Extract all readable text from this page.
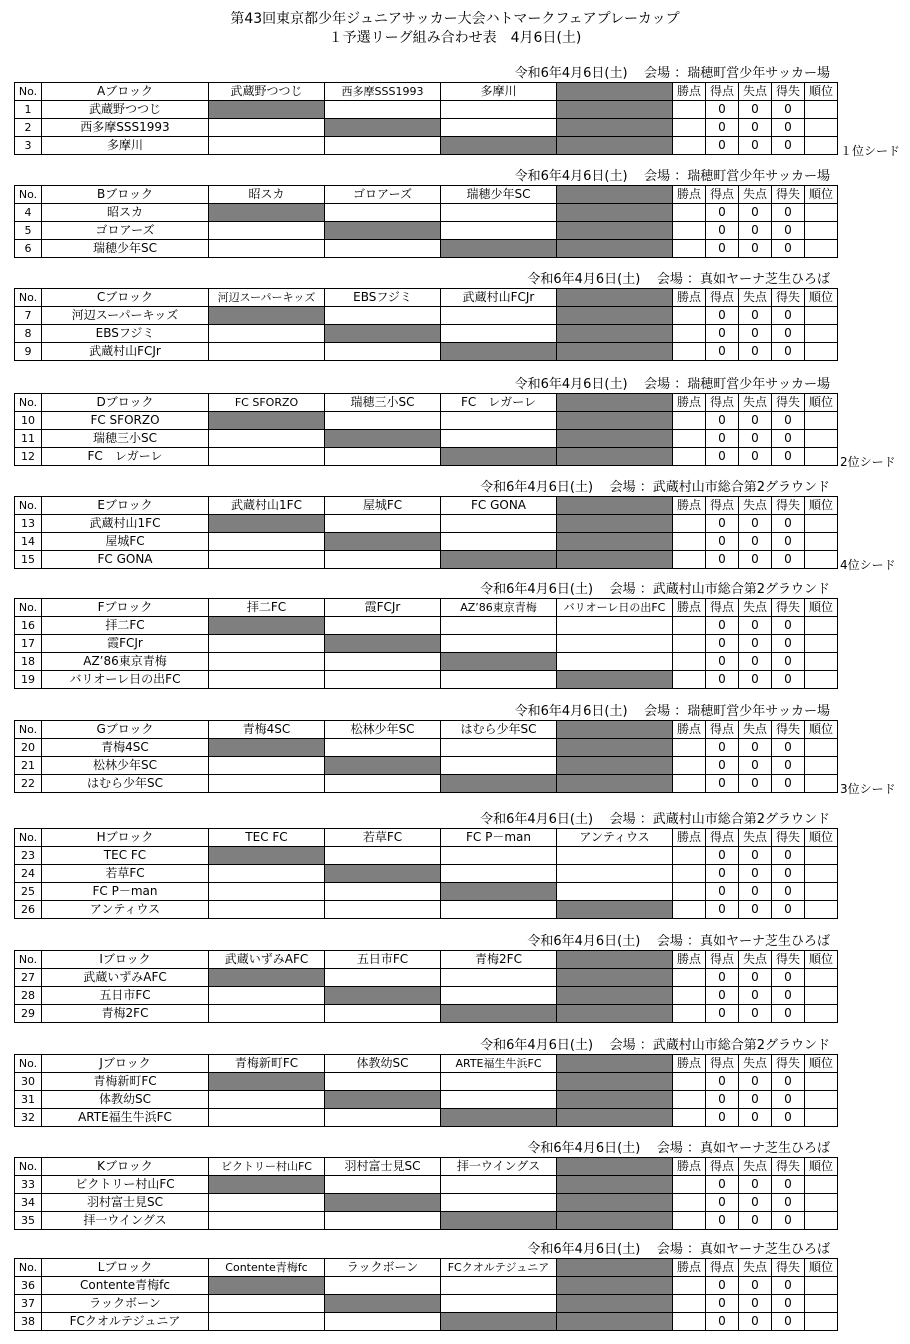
第43回東京都少年ジュニアサッカー大会ハトマークフェアプレーカップ
１予選リーグ組み合わせ表　4月6日(土)
令和6年4月6日(土) 会場 ：瑞穂町営少年サッカー場
No.	Aブロック	武蔵野つつじ	西多摩SSS1993	多摩川		勝点	得点	失点	得失	順位
1	武蔵野つつじ						0	0	0	
2	西多摩SSS1993						0	0	0	
3	多摩川						0	0	0		１位シード
令和6年4月6日(土) 会場 ：瑞穂町営少年サッカー場
No.	Bブロック	昭スカ	ゴロアーズ	瑞穂少年SC		勝点	得点	失点	得失	順位
4	昭スカ						0	0	0	
5	ゴロアーズ						0	0	0	
6	瑞穂少年SC						0	0	0	
令和6年4月6日(土) 会場 ：真如ヤーナ芝生ひろば
No.	Cブロック	河辺スーパーキッズ	EBSフジミ	武蔵村山FCJr		勝点	得点	失点	得失	順位
7	河辺スーパーキッズ						0	0	0	
8	EBSフジミ						0	0	0	
9	武蔵村山FCJr						0	0	0	
令和6年4月6日(土) 会場 ：瑞穂町営少年サッカー場
No.	Dブロック	FC SFORZO	瑞穂三小SC	FC　レガーレ		勝点	得点	失点	得失	順位
10	FC SFORZO						0	0	0	
11	瑞穂三小SC						0	0	0	
12	FC　レガーレ						0	0	0		2位シード
令和6年4月6日(土) 会場 ：武蔵村山市総合第2グラウンド
No.	Eブロック	武蔵村山1FC	屋城FC	FC GONA		勝点	得点	失点	得失	順位
13	武蔵村山1FC						0	0	0	
14	屋城FC						0	0	0	
15	FC GONA						0	0	0		4位シード
令和6年4月6日(土) 会場 ：武蔵村山市総合第2グラウンド
No.	Fブロック	拝二FC	霞FCJr	AZ’86東京青梅	バリオーレ日の出FC	勝点	得点	失点	得失	順位
16	拝二FC						0	0	0	
17	霞FCJr						0	0	0	
18	AZ’86東京青梅						0	0	0	
19	バリオーレ日の出FC						0	0	0	
令和6年4月6日(土) 会場 ：瑞穂町営少年サッカー場
No.	Gブロック	青梅4SC	松林少年SC	はむら少年SC		勝点	得点	失点	得失	順位
20	青梅4SC						0	0	0	
21	松林少年SC						0	0	0	
22	はむら少年SC						0	0	0		3位シード
令和6年4月6日(土) 会場 ：武蔵村山市総合第2グラウンド
No.	Hブロック	TEC FC	若草FC	FC P－man	アンティウス	勝点	得点	失点	得失	順位
23	TEC FC						0	0	0	
24	若草FC						0	0	0	
25	FC P－man						0	0	0	
26	アンティウス						0	0	0	
令和6年4月6日(土) 会場 ：真如ヤーナ芝生ひろば
No.	Iブロック	武蔵いずみAFC	五日市FC	青梅2FC		勝点	得点	失点	得失	順位
27	武蔵いずみAFC						0	0	0	
28	五日市FC						0	0	0	
29	青梅2FC						0	0	0	
令和6年4月6日(土) 会場 ：武蔵村山市総合第2グラウンド
No.	Jブロック	青梅新町FC	体教幼SC	ARTE福生牛浜FC		勝点	得点	失点	得失	順位
30	青梅新町FC						0	0	0	
31	体教幼SC						0	0	0	
32	ARTE福生牛浜FC						0	0	0	
令和6年4月6日(土) 会場 ：真如ヤーナ芝生ひろば
No.	Kブロック	ビクトリー村山FC	羽村富士見SC	拝一ウイングス		勝点	得点	失点	得失	順位
33	ビクトリー村山FC						0	0	0	
34	羽村富士見SC						0	0	0	
35	拝一ウイングス						0	0	0	
令和6年4月6日(土) 会場 ：真如ヤーナ芝生ひろば
No.	Lブロック	Contente青梅fc	ラックボーン	FCクオルテジュニア		勝点	得点	失点	得失	順位
36	Contente青梅fc						0	0	0	
37	ラックボーン						0	0	0	
38	FCクオルテジュニア						0	0	0	
